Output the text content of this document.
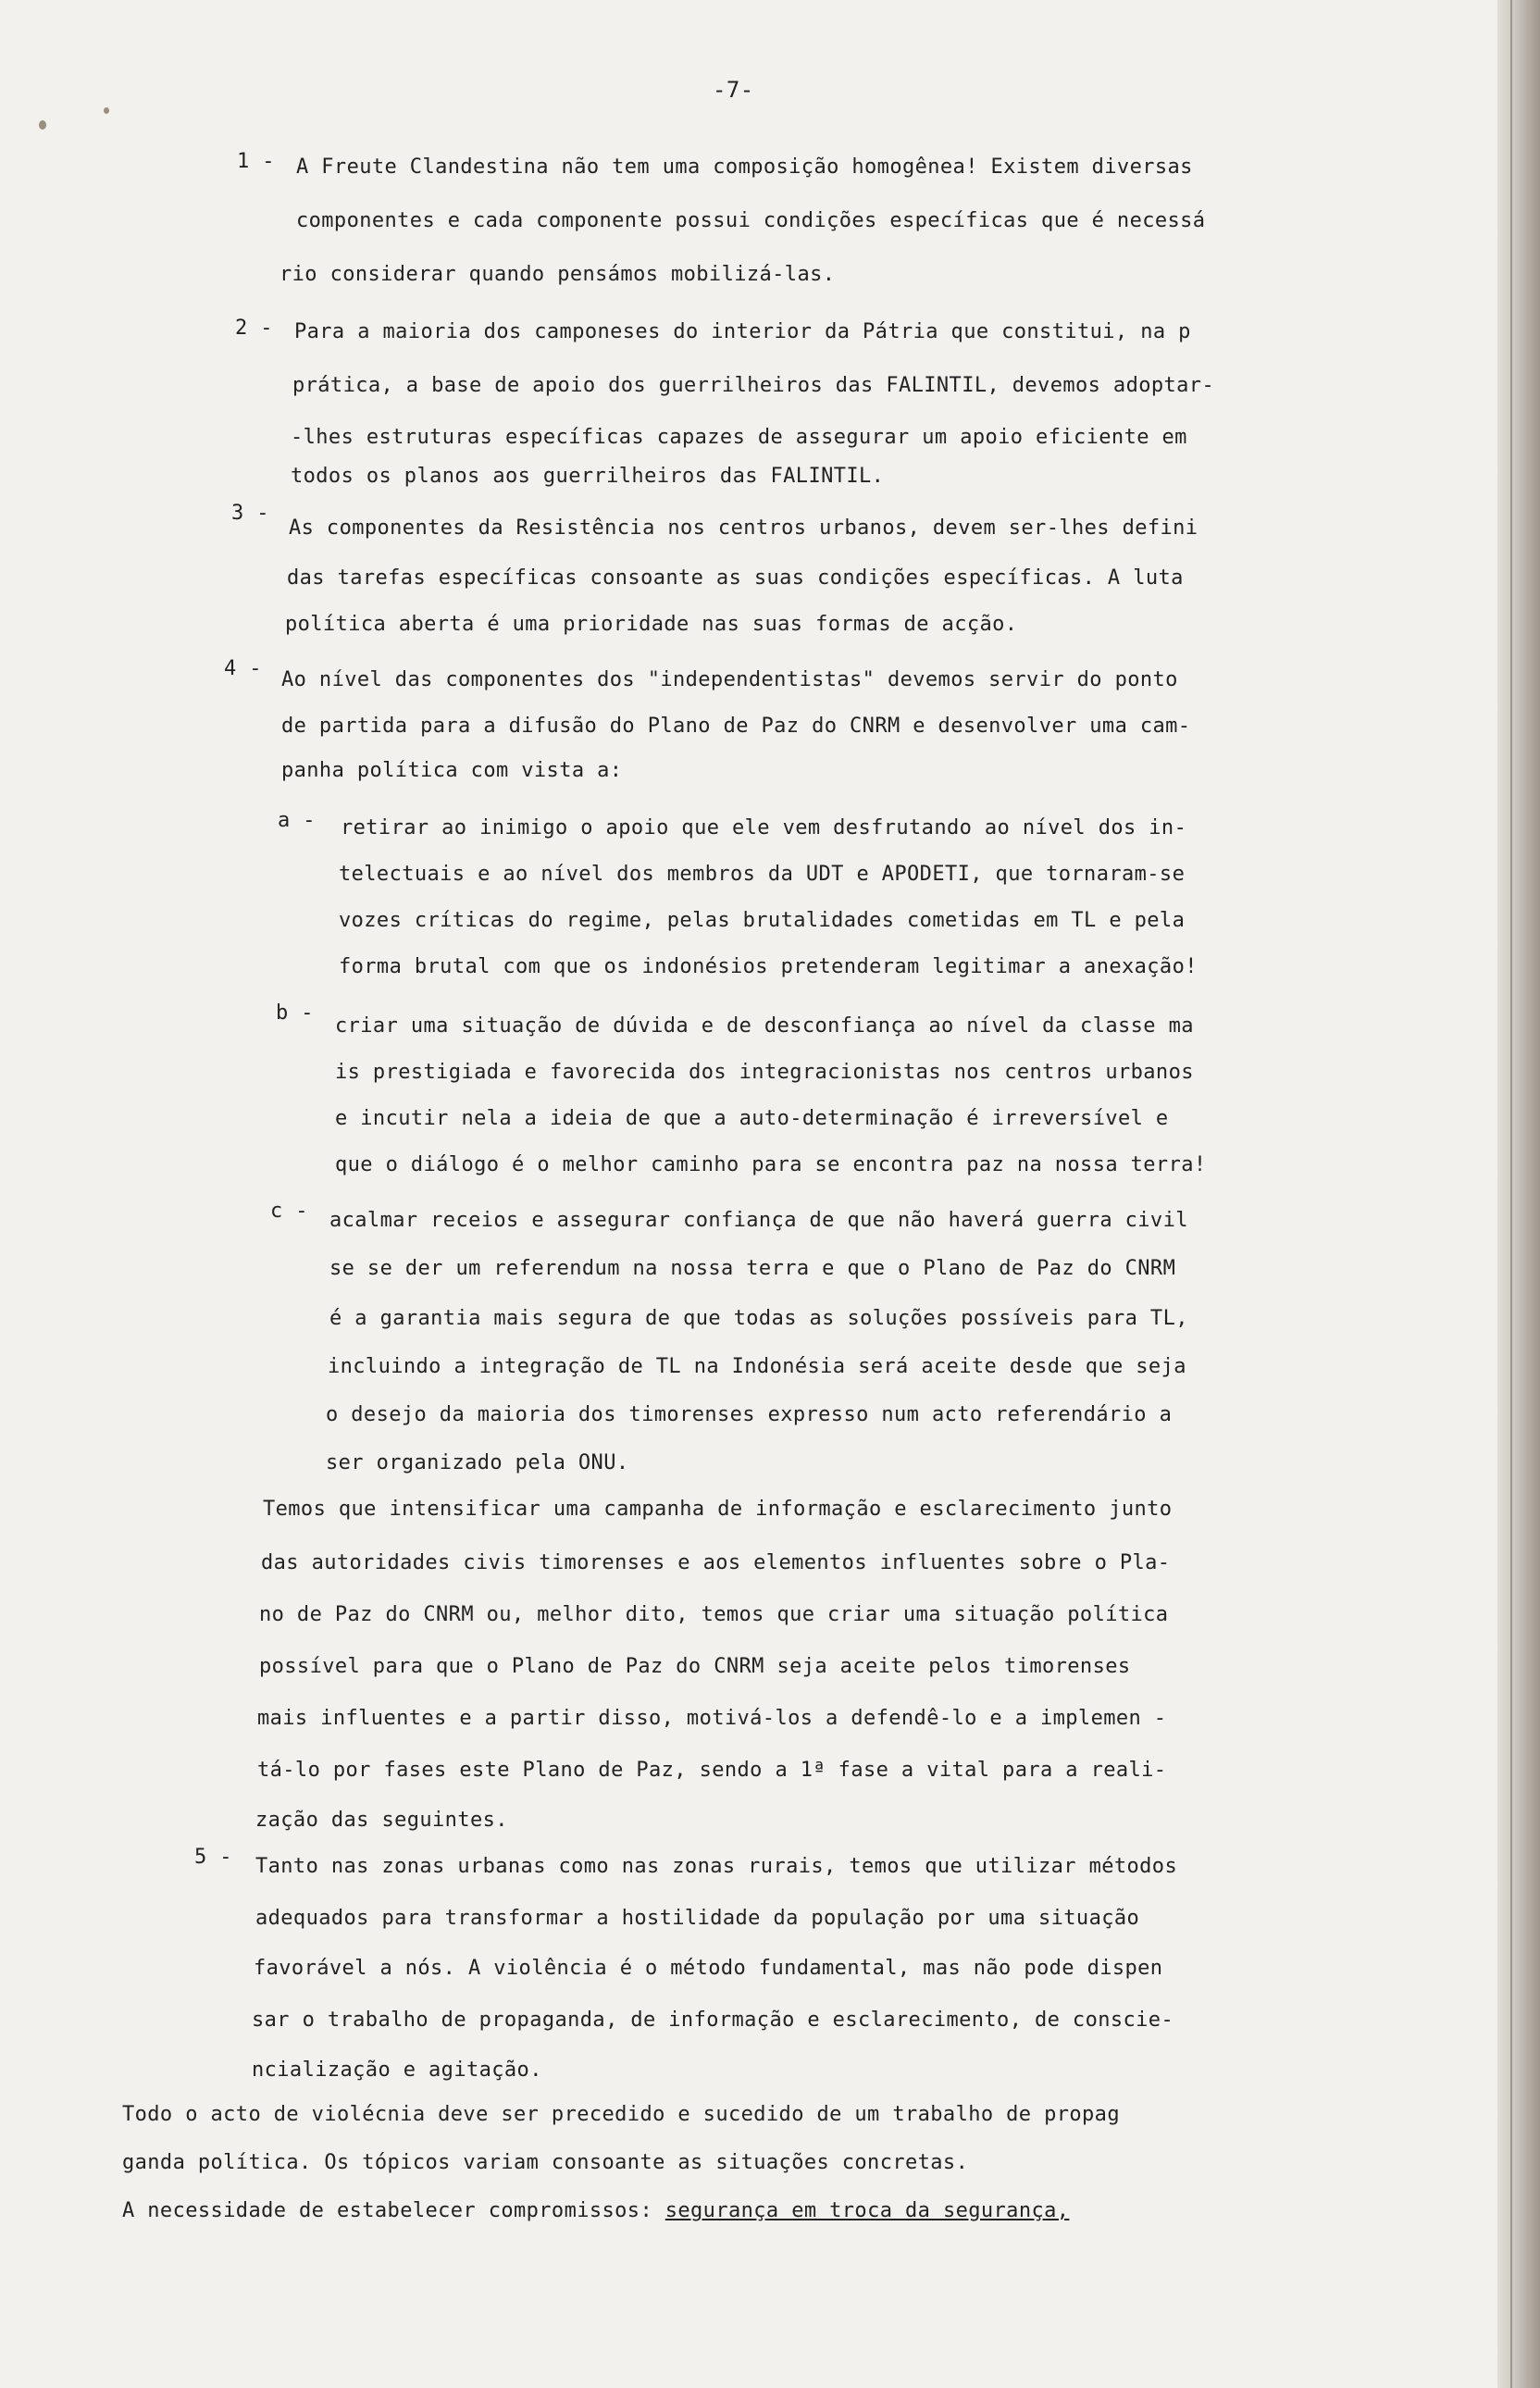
-7-
1 - A Freute Clandestina não tem uma composição homogênea! Existem diversas
componentes e cada componente possui condições específicas que é necessá
rio considerar quando pensámos mobilizá-las.
2 - Para a maioria dos camponeses do interior da Pátria que constitui, na p
prática, a base de apoio dos guerrilheiros das FALINTIL, devemos adoptar-
-lhes estruturas específicas capazes de assegurar um apoio eficiente em
todos os planos aos guerrilheiros das FALINTIL.
3 -
As componentes da Resistência nos centros urbanos, devem ser-lhes defini
das tarefas específicas consoante as suas condições específicas. A luta
política aberta é uma prioridade nas suas formas de acção.
4 - Ao nível das componentes dos "independentistas" devemos servir do ponto
de partida para a difusão do Plano de Paz do CNRM e desenvolver uma cam-
panha política com vista a:
a - retirar ao inimigo o apoio que ele vem desfrutando ao nível dos in-
telectuais e ao nível dos membros da UDT e APODETI, que tornaram-se
vozes críticas do regime, pelas brutalidades cometidas em TL e pela
forma brutal com que os indonésios pretenderam legitimar a anexação!
b -
criar uma situação de dúvida e de desconfiança ao nível da classe ma
is prestigiada e favorecida dos integracionistas nos centros urbanos
e incutir nela a ideia de que a auto-determinação é irreversível e
que o diálogo é o melhor caminho para se encontra paz na nossa terra!
c - acalmar receios e assegurar confiança de que não haverá guerra civil
se se der um referendum na nossa terra e que o Plano de Paz do CNRM
é a garantia mais segura de que todas as soluções possíveis para TL,
incluindo a integração de TL na Indonésia será aceite desde que seja
o desejo da maioria dos timorenses expresso num acto referendário a
ser organizado pela ONU.
Temos que intensificar uma campanha de informação e esclarecimento junto
das autoridades civis timorenses e aos elementos influentes sobre o Pla-
no de Paz do CNRM ou, melhor dito, temos que criar uma situação política
possível para que o Plano de Paz do CNRM seja aceite pelos timorenses
mais influentes e a partir disso, motivá-los a defendê-lo e a implemen -
tá-lo por fases este Plano de Paz, sendo a 1ª fase a vital para a reali-
zação das seguintes.
5 - Tanto nas zonas urbanas como nas zonas rurais, temos que utilizar métodos
adequados para transformar a hostilidade da população por uma situação
favorável a nós. A violência é o método fundamental, mas não pode dispen
sar o trabalho de propaganda, de informação e esclarecimento, de conscie-
ncialização e agitação.
Todo o acto de violécnia deve ser precedido e sucedido de um trabalho de propag
ganda política. Os tópicos variam consoante as situações concretas.
A necessidade de estabelecer compromissos: segurança em troca da segurança,
